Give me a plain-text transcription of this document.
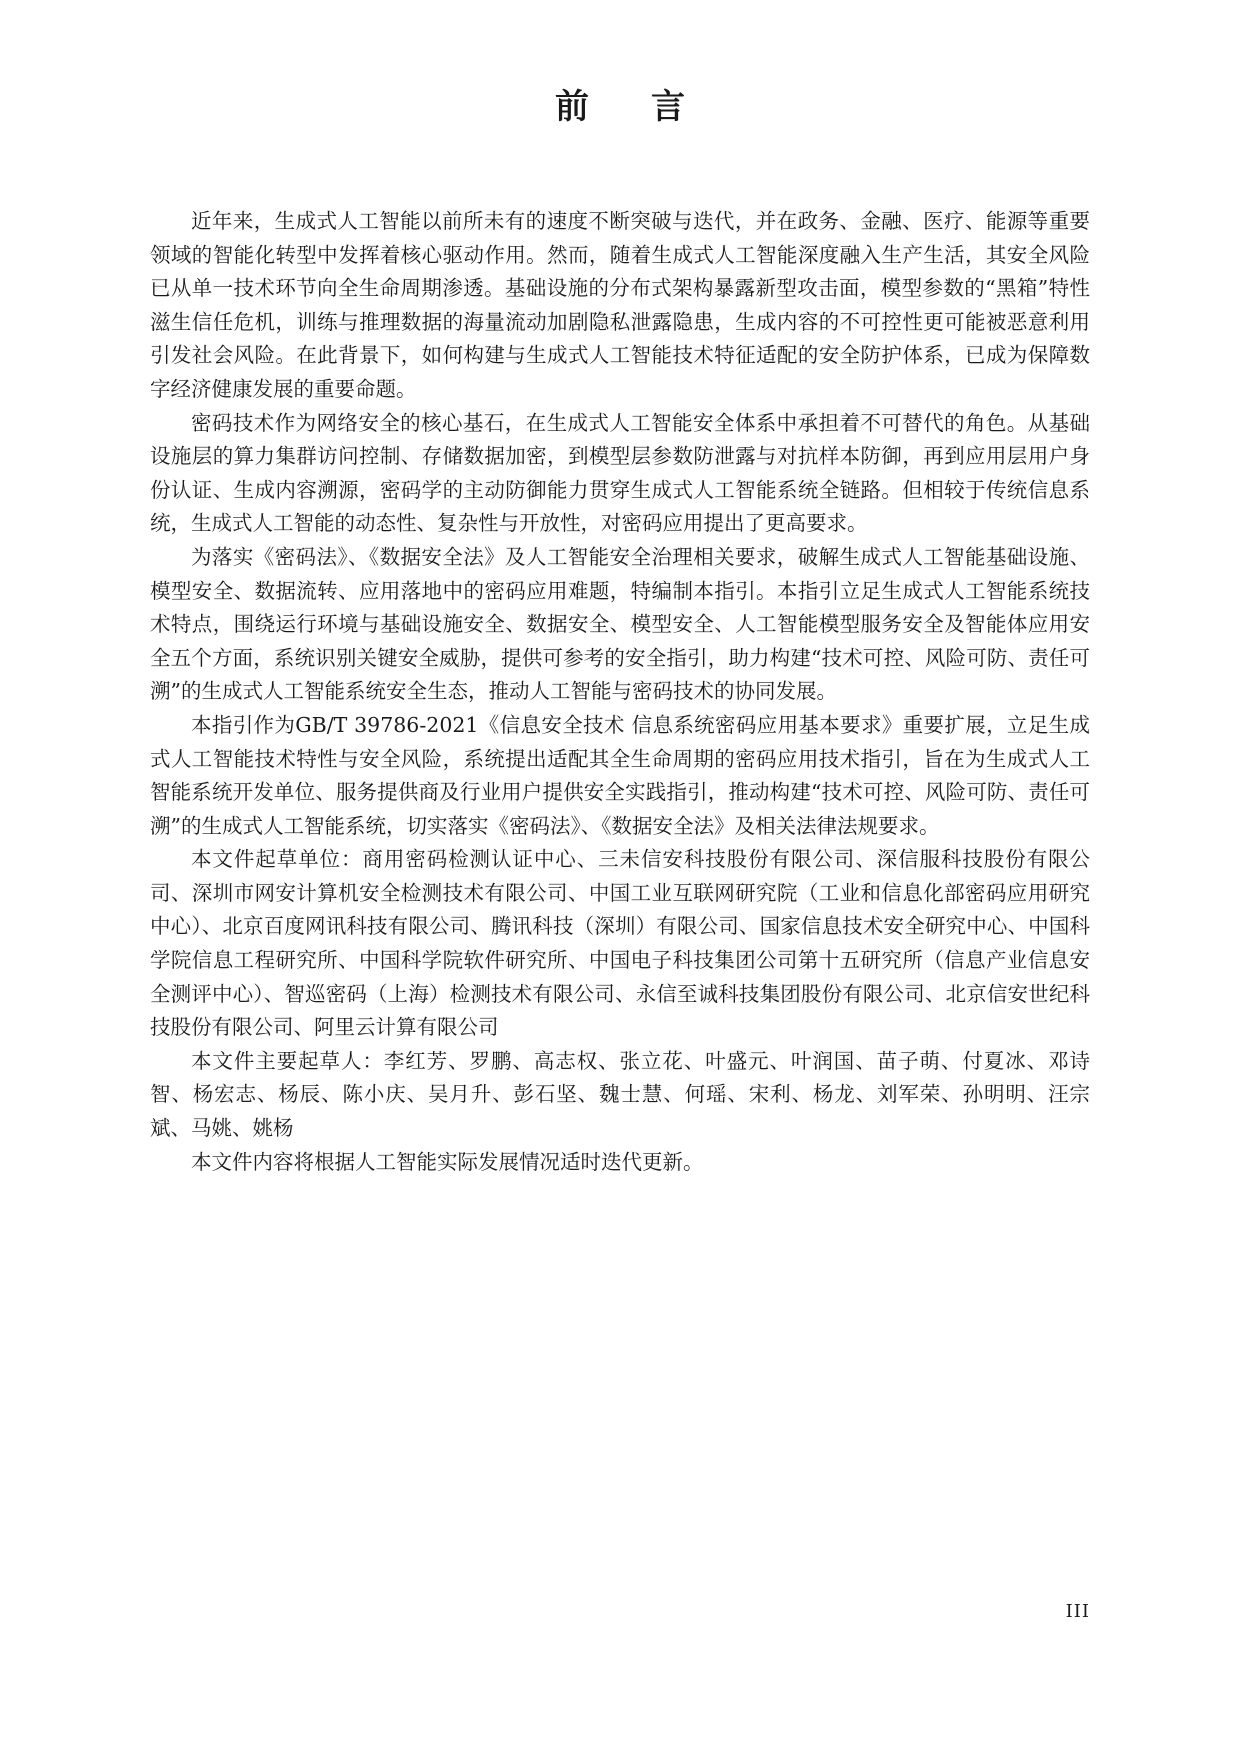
前言

近年来，生成式人工智能以前所未有的速度不断突破与迭代，并在政务、金融、医疗、能源等重要领域的智能化转型中发挥着核心驱动作用。然而，随着生成式人工智能深度融入生产生活，其安全风险已从单一技术环节向全生命周期渗透。基础设施的分布式架构暴露新型攻击面，模型参数的“黑箱”特性滋生信任危机，训练与推理数据的海量流动加剧隐私泄露隐患，生成内容的不可控性更可能被恶意利用引发社会风险。在此背景下，如何构建与生成式人工智能技术特征适配的安全防护体系，已成为保障数字经济健康发展的重要命题。

密码技术作为网络安全的核心基石，在生成式人工智能安全体系中承担着不可替代的角色。从基础设施层的算力集群访问控制、存储数据加密，到模型层参数防泄露与对抗样本防御，再到应用层用户身份认证、生成内容溯源，密码学的主动防御能力贯穿生成式人工智能系统全链路。但相较于传统信息系统，生成式人工智能的动态性、复杂性与开放性，对密码应用提出了更高要求。

为落实《密码法》、《数据安全法》及人工智能安全治理相关要求，破解生成式人工智能基础设施、模型安全、数据流转、应用落地中的密码应用难题，特编制本指引。本指引立足生成式人工智能系统技术特点，围绕运行环境与基础设施安全、数据安全、模型安全、人工智能模型服务安全及智能体应用安全五个方面，系统识别关键安全威胁，提供可参考的安全指引，助力构建“技术可控、风险可防、责任可溯”的生成式人工智能系统安全生态，推动人工智能与密码技术的协同发展。

本指引作为GB/T 39786-2021《信息安全技术 信息系统密码应用基本要求》重要扩展，立足生成式人工智能技术特性与安全风险，系统提出适配其全生命周期的密码应用技术指引，旨在为生成式人工智能系统开发单位、服务提供商及行业用户提供安全实践指引，推动构建“技术可控、风险可防、责任可溯”的生成式人工智能系统，切实落实《密码法》、《数据安全法》及相关法律法规要求。

本文件起草单位：商用密码检测认证中心、三未信安科技股份有限公司、深信服科技股份有限公司、深圳市网安计算机安全检测技术有限公司、中国工业互联网研究院（工业和信息化部密码应用研究中心）、北京百度网讯科技有限公司、腾讯科技（深圳）有限公司、国家信息技术安全研究中心、中国科学院信息工程研究所、中国科学院软件研究所、中国电子科技集团公司第十五研究所（信息产业信息安全测评中心）、智巡密码（上海）检测技术有限公司、永信至诚科技集团股份有限公司、北京信安世纪科技股份有限公司、阿里云计算有限公司

本文件主要起草人：李红芳、罗鹏、高志权、张立花、叶盛元、叶润国、苗子萌、付夏冰、邓诗智、杨宏志、杨辰、陈小庆、吴月升、彭石坚、魏士慧、何瑶、宋利、杨龙、刘军荣、孙明明、汪宗斌、马姚、姚杨

本文件内容将根据人工智能实际发展情况适时迭代更新。

III
